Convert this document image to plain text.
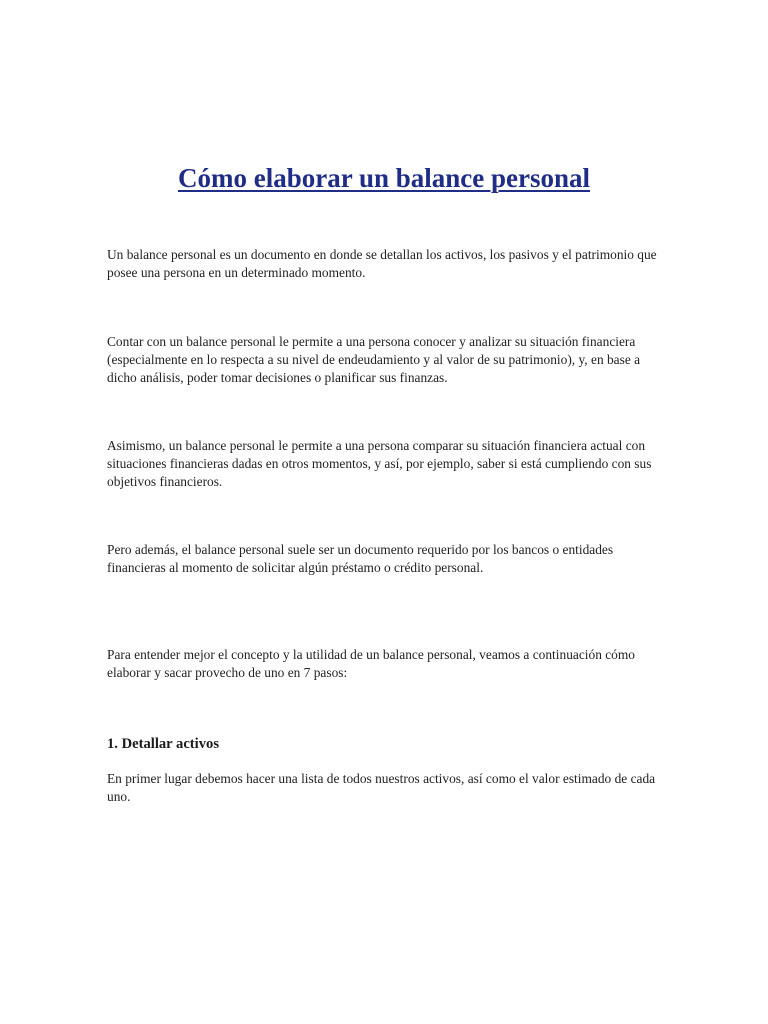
Cómo elaborar un balance personal

Un balance personal es un documento en donde se detallan los activos, los pasivos y el patrimonio que posee una persona en un determinado momento.

Contar con un balance personal le permite a una persona conocer y analizar su situación financiera (especialmente en lo respecta a su nivel de endeudamiento y al valor de su patrimonio), y, en base a dicho análisis, poder tomar decisiones o planificar sus finanzas.

Asimismo, un balance personal le permite a una persona comparar su situación financiera actual con situaciones financieras dadas en otros momentos, y así, por ejemplo, saber si está cumpliendo con sus objetivos financieros.

Pero además, el balance personal suele ser un documento requerido por los bancos o entidades financieras al momento de solicitar algún préstamo o crédito personal.

Para entender mejor el concepto y la utilidad de un balance personal, veamos a continuación cómo elaborar y sacar provecho de uno en 7 pasos:

1. Detallar activos

En primer lugar debemos hacer una lista de todos nuestros activos, así como el valor estimado de cada uno.
